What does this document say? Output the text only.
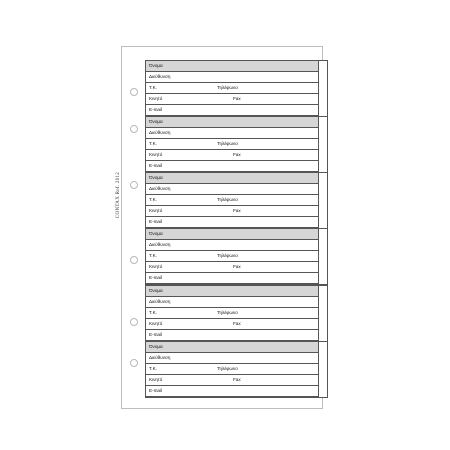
CONTAX Ref. 2012
Όνομα
Διεύθυνση
Τ.Κ.	Τηλέφωνο
Κινητό	Fax
E-mail
Όνομα
Διεύθυνση
Τ.Κ.	Τηλέφωνο
Κινητό	Fax
E-mail
Όνομα
Διεύθυνση
Τ.Κ.	Τηλέφωνο
Κινητό	Fax
E-mail
Όνομα
Διεύθυνση
Τ.Κ.	Τηλέφωνο
Κινητό	Fax
E-mail
Όνομα
Διεύθυνση
Τ.Κ.	Τηλέφωνο
Κινητό	Fax
E-mail
Όνομα
Διεύθυνση
Τ.Κ.	Τηλέφωνο
Κινητό	Fax
E-mail
